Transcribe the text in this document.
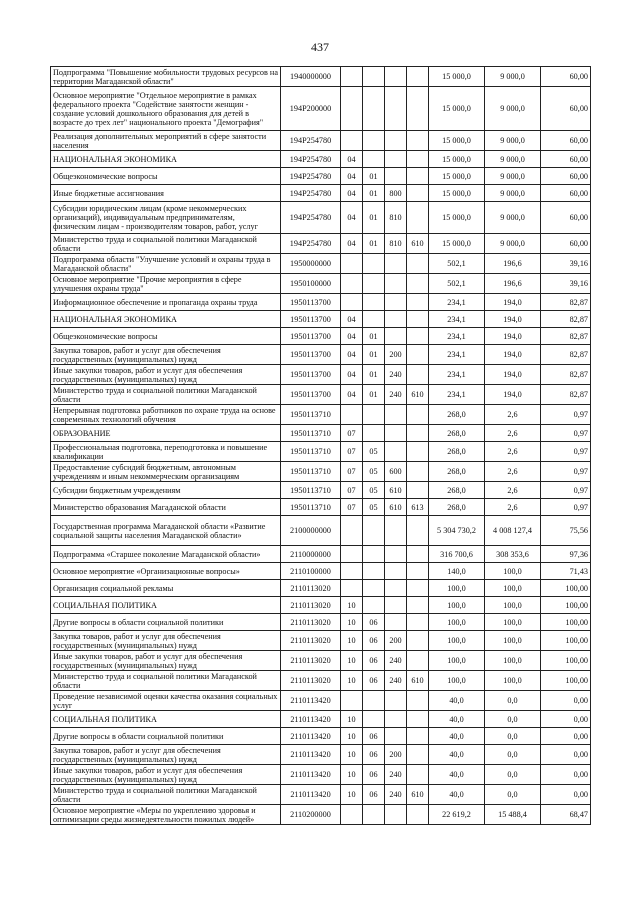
437
Подпрограмма "Повышение мобильности трудовых ресурсов на территории Магаданской области"	1940000000					15 000,0	9 000,0	60,00
Основное мероприятие "Отдельное мероприятие в рамках федерального проекта "Содействие занятости женщин - создание условий дошкольного образования для детей в возрасте до трех лет" национального проекта "Демография"	194P200000					15 000,0	9 000,0	60,00
Реализация дополнительных мероприятий в сфере занятости населения	194P254780					15 000,0	9 000,0	60,00
НАЦИОНАЛЬНАЯ ЭКОНОМИКА	194P254780	04				15 000,0	9 000,0	60,00
Общеэкономические вопросы	194P254780	04	01			15 000,0	9 000,0	60,00
Иные бюджетные ассигнования	194P254780	04	01	800		15 000,0	9 000,0	60,00
Субсидии юридическим лицам (кроме некоммерческих организаций), индивидуальным предпринимателям, физическим лицам - производителям товаров, работ, услуг	194P254780	04	01	810		15 000,0	9 000,0	60,00
Министерство труда и социальной политики Магаданской области	194P254780	04	01	810	610	15 000,0	9 000,0	60,00
Подпрограмма области "Улучшение условий и охраны труда в Магаданской области"	1950000000					502,1	196,6	39,16
Основное мероприятие "Прочие мероприятия в сфере улучшения охраны труда"	1950100000					502,1	196,6	39,16
Информационное обеспечение и пропаганда охраны труда	1950113700					234,1	194,0	82,87
НАЦИОНАЛЬНАЯ ЭКОНОМИКА	1950113700	04				234,1	194,0	82,87
Общеэкономические вопросы	1950113700	04	01			234,1	194,0	82,87
Закупка товаров, работ и услуг для обеспечения государственных (муниципальных) нужд	1950113700	04	01	200		234,1	194,0	82,87
Иные закупки товаров, работ и услуг для обеспечения государственных (муниципальных) нужд	1950113700	04	01	240		234,1	194,0	82,87
Министерство труда и социальной политики Магаданской области	1950113700	04	01	240	610	234,1	194,0	82,87
Непрерывная подготовка работников по охране труда на основе современных технологий обучения	1950113710					268,0	2,6	0,97
ОБРАЗОВАНИЕ	1950113710	07				268,0	2,6	0,97
Профессиональная подготовка, переподготовка и повышение квалификации	1950113710	07	05			268,0	2,6	0,97
Предоставление субсидий бюджетным, автономным учреждениям и иным некоммерческим организациям	1950113710	07	05	600		268,0	2,6	0,97
Субсидии бюджетным учреждениям	1950113710	07	05	610		268,0	2,6	0,97
Министерство образования Магаданской области	1950113710	07	05	610	613	268,0	2,6	0,97
Государственная программа Магаданской области «Развитие социальной защиты населения Магаданской области»	2100000000					5 304 730,2	4 008 127,4	75,56
Подпрограмма «Старшее поколение Магаданской области»	2110000000					316 700,6	308 353,6	97,36
Основное мероприятие «Организационные вопросы»	2110100000					140,0	100,0	71,43
Организация социальной рекламы	2110113020					100,0	100,0	100,00
СОЦИАЛЬНАЯ ПОЛИТИКА	2110113020	10				100,0	100,0	100,00
Другие вопросы в области социальной политики	2110113020	10	06			100,0	100,0	100,00
Закупка товаров, работ и услуг для обеспечения государственных (муниципальных) нужд	2110113020	10	06	200		100,0	100,0	100,00
Иные закупки товаров, работ и услуг для обеспечения государственных (муниципальных) нужд	2110113020	10	06	240		100,0	100,0	100,00
Министерство труда и социальной политики Магаданской области	2110113020	10	06	240	610	100,0	100,0	100,00
Проведение независимой оценки качества оказания социальных услуг	2110113420					40,0	0,0	0,00
СОЦИАЛЬНАЯ ПОЛИТИКА	2110113420	10				40,0	0,0	0,00
Другие вопросы в области социальной политики	2110113420	10	06			40,0	0,0	0,00
Закупка товаров, работ и услуг для обеспечения государственных (муниципальных) нужд	2110113420	10	06	200		40,0	0,0	0,00
Иные закупки товаров, работ и услуг для обеспечения государственных (муниципальных) нужд	2110113420	10	06	240		40,0	0,0	0,00
Министерство труда и социальной политики Магаданской области	2110113420	10	06	240	610	40,0	0,0	0,00
Основное мероприятие «Меры по укреплению здоровья и оптимизации среды жизнедеятельности пожилых людей»	2110200000					22 619,2	15 488,4	68,47
